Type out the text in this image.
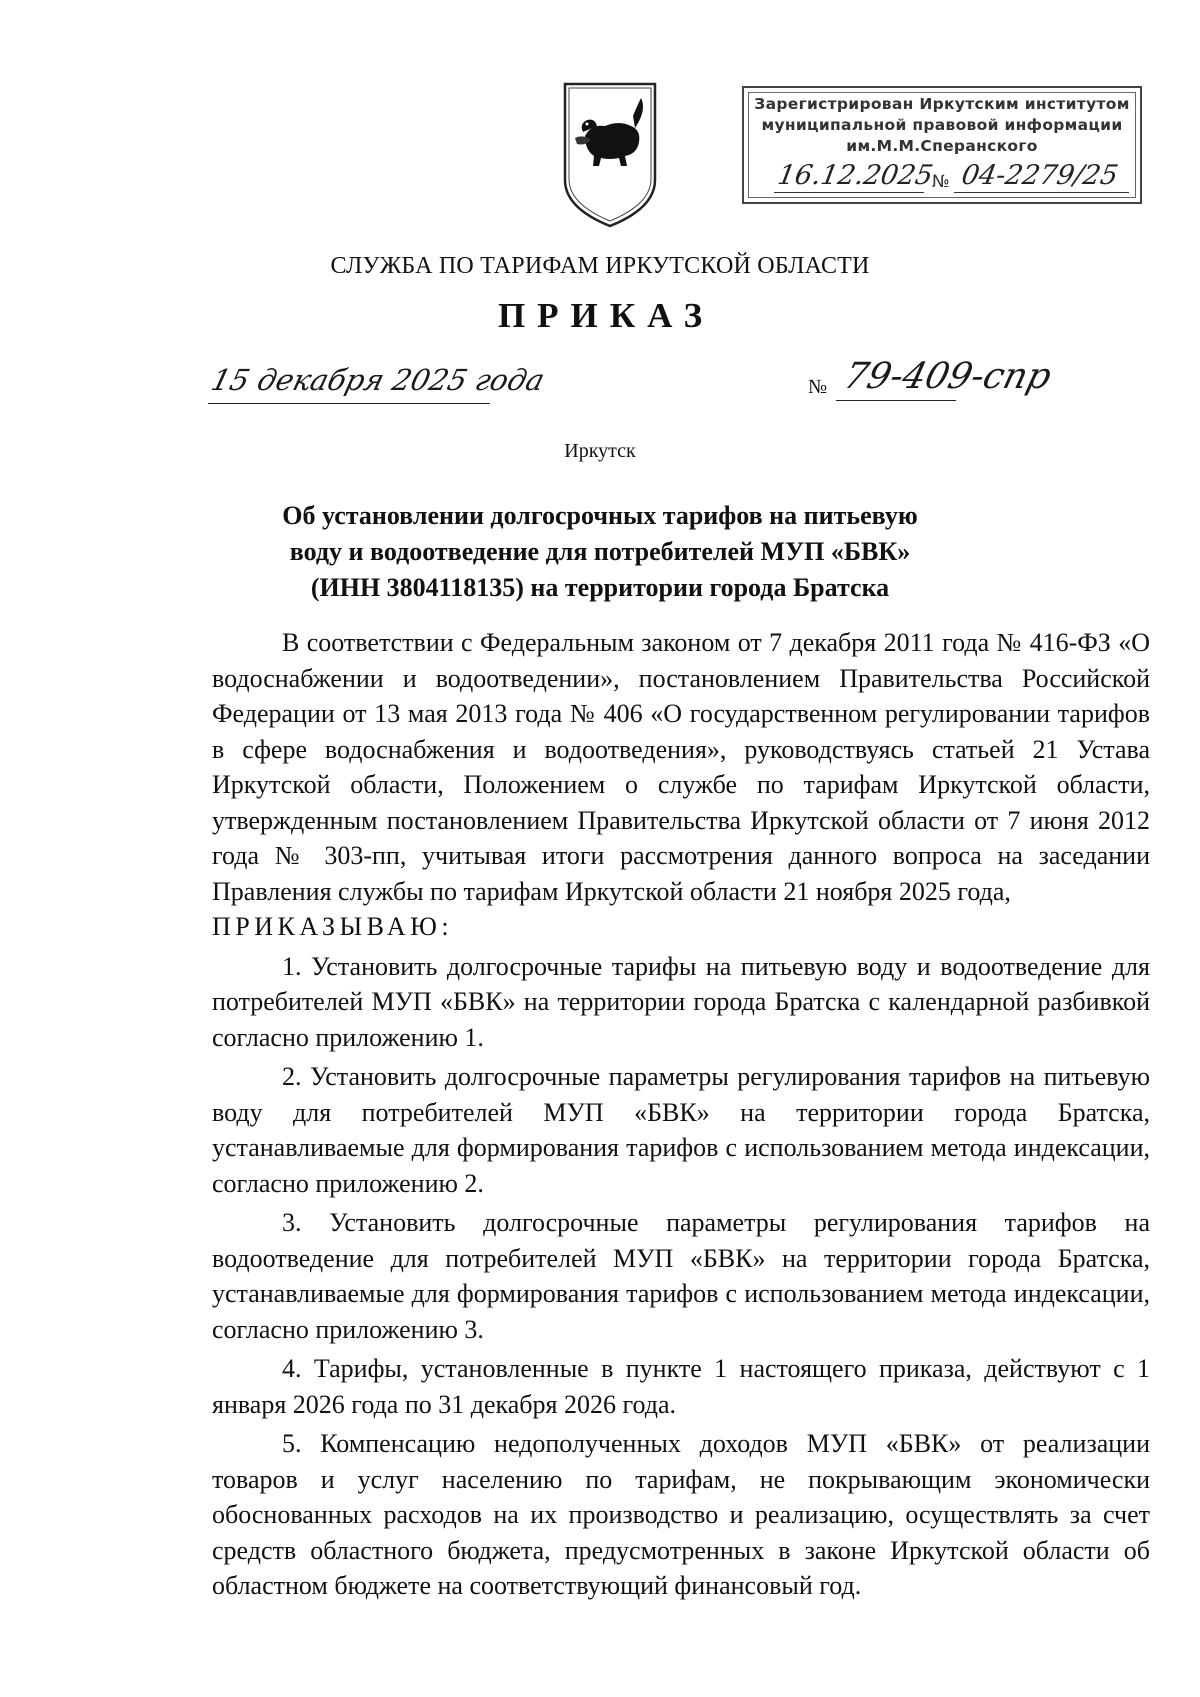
Зарегистрирован Иркутским институтом
муниципальной правовой информации
им.М.М.Сперанского
16.12.2025
№ 04-2279/25
СЛУЖБА ПО ТАРИФАМ ИРКУТСКОЙ ОБЛАСТИ
ПРИКАЗ
15 декабря 2025 года	№ 79-409-спр
Иркутск
Об установлении долгосрочных тарифов на питьевую
воду и водоотведение для потребителей МУП «БВК»
(ИНН 3804118135) на территории города Братска

В соответствии с Федеральным законом от 7 декабря 2011 года № 416-ФЗ «О водоснабжении и водоотведении», постановлением Правительства Российской Федерации от 13 мая 2013 года № 406 «О государственном регулировании тарифов в сфере водоснабжения и водоотведения», руководствуясь статьей 21 Устава Иркутской области, Положением о службе по тарифам Иркутской области, утвержденным постановлением Правительства Иркутской области от 7 июня 2012 года № 303-пп, учитывая итоги рассмотрения данного вопроса на заседании Правления службы по тарифам Иркутской области 21 ноября 2025 года,

ПРИКАЗЫВАЮ:

1. Установить долгосрочные тарифы на питьевую воду и водоотведение для потребителей МУП «БВК» на территории города Братска с календарной разбивкой согласно приложению 1.

2. Установить долгосрочные параметры регулирования тарифов на питьевую воду для потребителей МУП «БВК» на территории города Братска, устанавливаемые для формирования тарифов с использованием метода индексации, согласно приложению 2.

3. Установить долгосрочные параметры регулирования тарифов на водоотведение для потребителей МУП «БВК» на территории города Братска, устанавливаемые для формирования тарифов с использованием метода индексации, согласно приложению 3.

4. Тарифы, установленные в пункте 1 настоящего приказа, действуют с 1 января 2026 года по 31 декабря 2026 года.

5. Компенсацию недополученных доходов МУП «БВК» от реализации товаров и услуг населению по тарифам, не покрывающим экономически обоснованных расходов на их производство и реализацию, осуществлять за счет средств областного бюджета, предусмотренных в законе Иркутской области об областном бюджете на соответствующий финансовый год.
